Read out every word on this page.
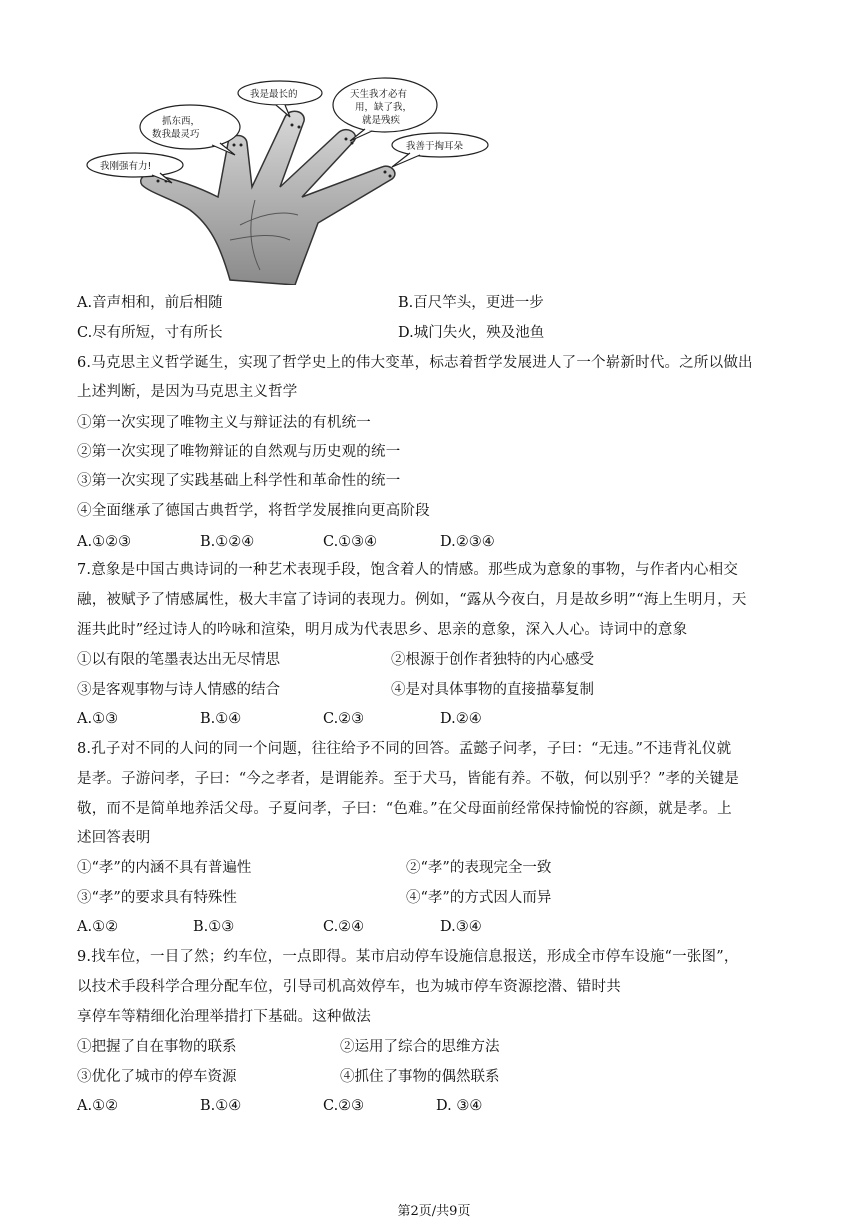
我刚强有力!
抓东西，
数我最灵巧
我是最长的	天生我才必有
用，缺了我，
就是残疾
我善于掏耳朵
A.音声相和，前后相随	B.百尺竿头，更进一步
C.尽有所短，寸有所长	D.城门失火，殃及池鱼
6.马克思主义哲学诞生，实现了哲学史上的伟大变革，标志着哲学发展进人了一个崭新时代。之所以做出
上述判断，是因为马克思主义哲学
①第一次实现了唯物主义与辩证法的有机统一
②第一次实现了唯物辩证的自然观与历史观的统一
③第一次实现了实践基础上科学性和革命性的统一
④全面继承了德国古典哲学，将哲学发展推向更高阶段
A.①②③	B.①②④	C.①③④	D.②③④
7.意象是中国古典诗词的一种艺术表现手段，饱含着人的情感。那些成为意象的事物，与作者内心相交
融，被赋予了情感属性，极大丰富了诗词的表现力。例如，“露从今夜白，月是故乡明”“海上生明月，天
涯共此时”经过诗人的吟咏和渲染，明月成为代表思乡、思亲的意象，深入人心。诗词中的意象
①以有限的笔墨表达出无尽情思	②根源于创作者独特的内心感受
③是客观事物与诗人情感的结合	④是对具体事物的直接描摹复制
A.①③	B.①④	C.②③	D.②④
8.孔子对不同的人问的同一个问题，往往给予不同的回答。孟懿子问孝，子曰：“无违。”不违背礼仪就
是孝。子游问孝，子曰：“今之孝者，是谓能养。至于犬马，皆能有养。不敬，何以别乎？”孝的关键是
敬，而不是简单地养活父母。子夏问孝，子曰：“色难。”在父母面前经常保持愉悦的容颜，就是孝。上
述回答表明
①“孝”的内涵不具有普遍性	②“孝”的表现完全一致
③“孝”的要求具有特殊性	④“孝”的方式因人而异
A.①②	B.①③	C.②④	D.③④
9.找车位，一目了然；约车位，一点即得。某市启动停车设施信息报送，形成全市停车设施“一张图”，
以技术手段科学合理分配车位，引导司机高效停车，也为城市停车资源挖潜、错时共
享停车等精细化治理举措打下基础。这种做法
①把握了自在事物的联系	②运用了综合的思维方法
③优化了城市的停车资源	④抓住了事物的偶然联系
A.①②	B.①④	C.②③	D. ③④
第2页/共9页
